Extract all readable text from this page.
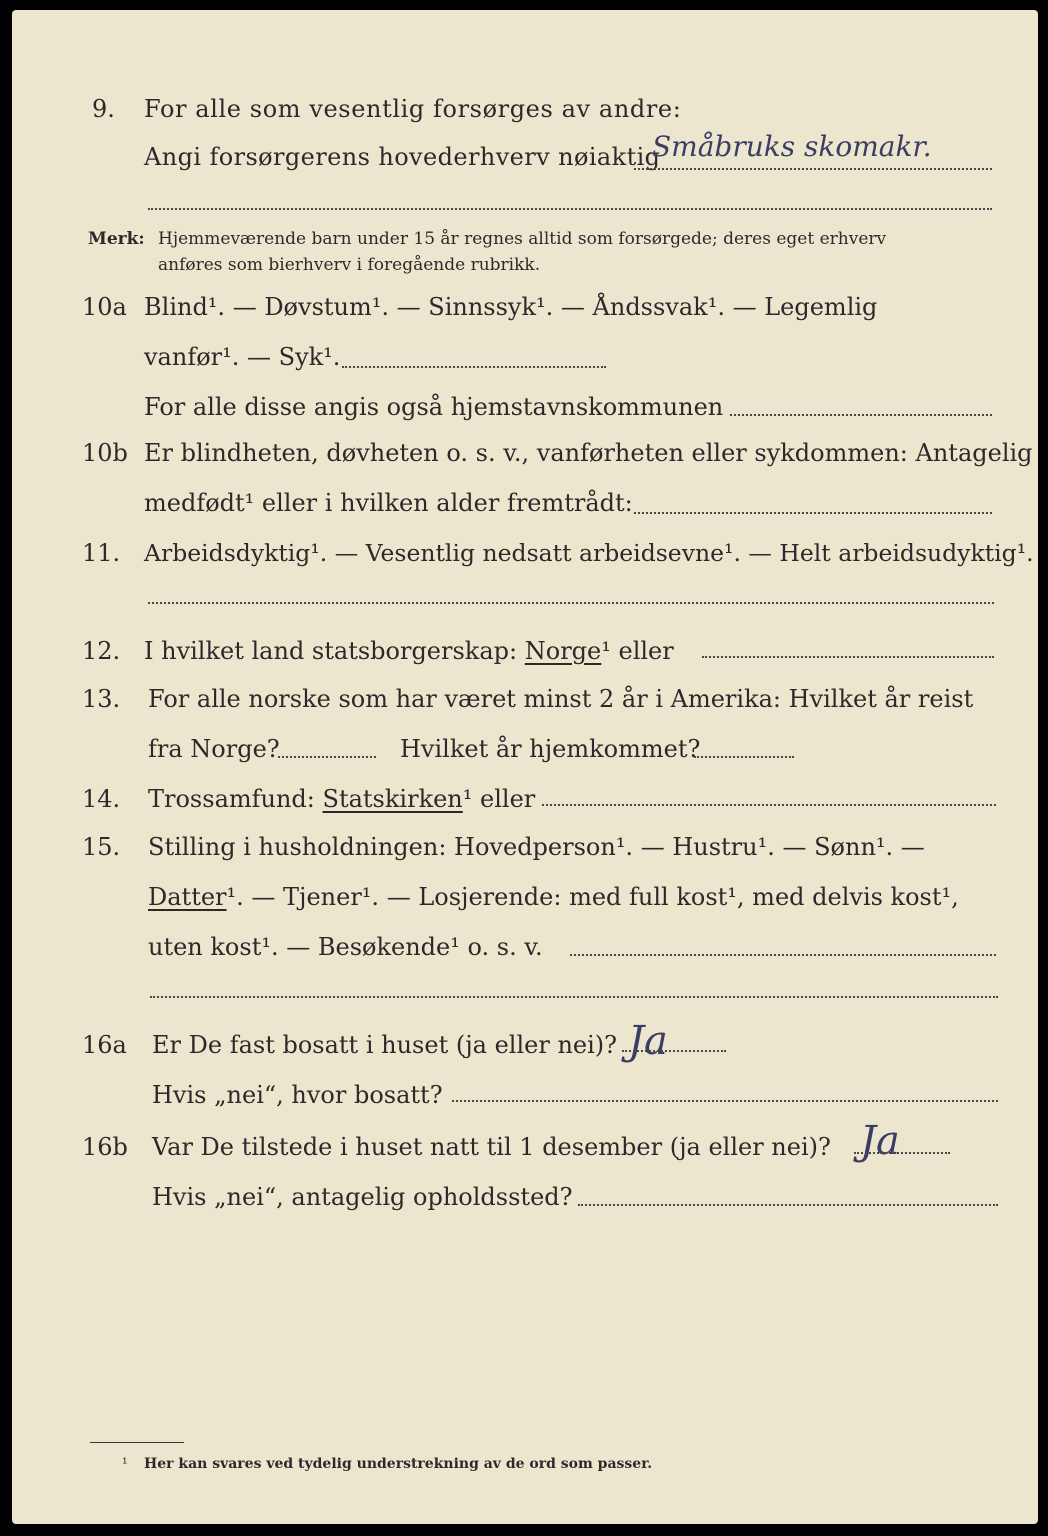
9. For alle som vesentlig forsørges av andre:
Angi forsørgerens hovederhverv nøiaktig
Småbruks skomakr.
Merk: Hjemmeværende barn under 15 år regnes alltid som forsørgede; deres eget erhverv
anføres som bierhverv i foregående rubrikk.
10a Blind¹. — Døvstum¹. — Sinnssyk¹. — Åndssvak¹. — Legemlig
vanfør¹. — Syk¹.
For alle disse angis også hjemstavnskommunen
10b Er blindheten, døvheten o. s. v., vanførheten eller sykdommen: Antagelig
medfødt¹ eller i hvilken alder fremtrådt:
11. Arbeidsdyktig¹. — Vesentlig nedsatt arbeidsevne¹. — Helt arbeidsudyktig¹.
12. I hvilket land statsborgerskap: Norge¹ eller
13. For alle norske som har været minst 2 år i Amerika: Hvilket år reist
fra Norge?	Hvilket år hjemkommet?
14. Trossamfund: Statskirken¹ eller
15. Stilling i husholdningen: Hovedperson¹. — Hustru¹. — Sønn¹. —
Datter¹. — Tjener¹. — Losjerende: med full kost¹, med delvis kost¹,
uten kost¹. — Besøkende¹ o. s. v.
16a Er De fast bosatt i huset (ja eller nei)? Ja
Hvis „nei“, hvor bosatt?
16b Var De tilstede i huset natt til 1 desember (ja eller nei)? Ja
Hvis „nei“, antagelig opholdssted?
¹ Her kan svares ved tydelig understrekning av de ord som passer.
